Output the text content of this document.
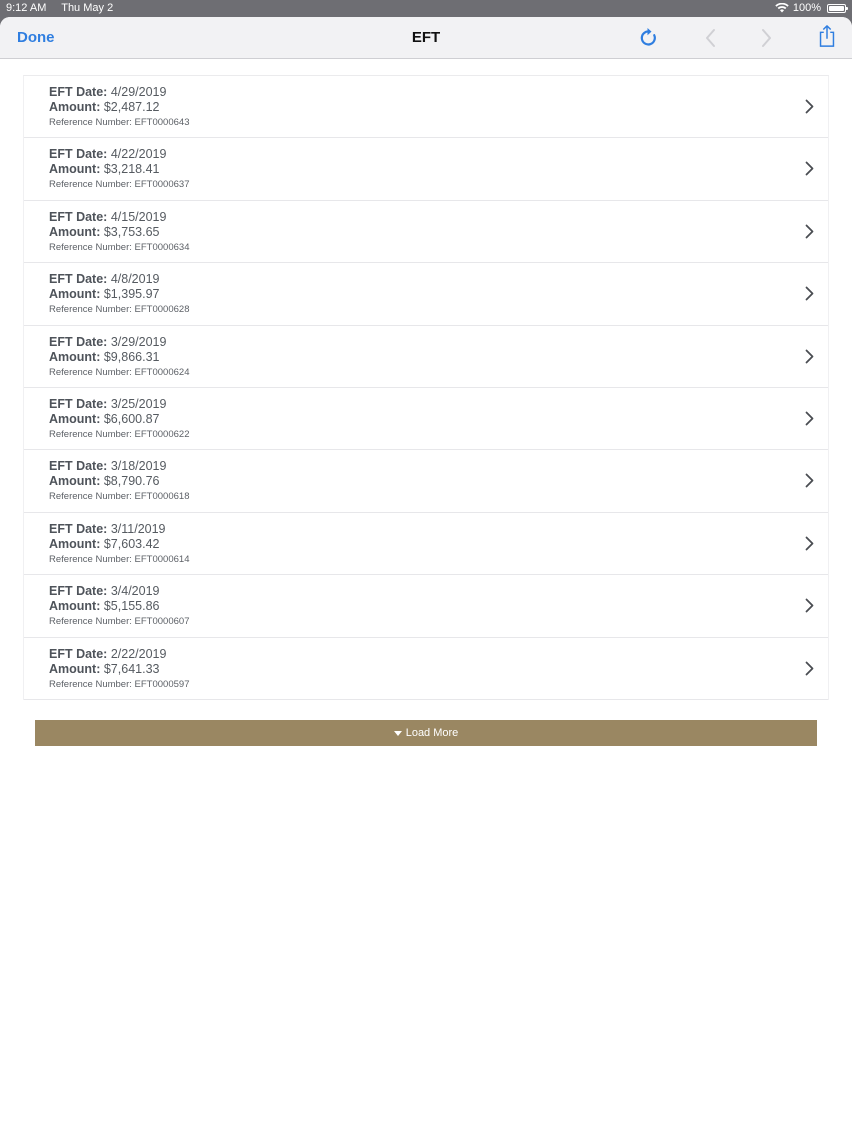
9:12 AM Thu May 2	100%
Done	EFT
EFT Date: 4/29/2019
Amount: $2,487.12
Reference Number: EFT0000643
EFT Date: 4/22/2019
Amount: $3,218.41
Reference Number: EFT0000637
EFT Date: 4/15/2019
Amount: $3,753.65
Reference Number: EFT0000634
EFT Date: 4/8/2019
Amount: $1,395.97
Reference Number: EFT0000628
EFT Date: 3/29/2019
Amount: $9,866.31
Reference Number: EFT0000624
EFT Date: 3/25/2019
Amount: $6,600.87
Reference Number: EFT0000622
EFT Date: 3/18/2019
Amount: $8,790.76
Reference Number: EFT0000618
EFT Date: 3/11/2019
Amount: $7,603.42
Reference Number: EFT0000614
EFT Date: 3/4/2019
Amount: $5,155.86
Reference Number: EFT0000607
EFT Date: 2/22/2019
Amount: $7,641.33
Reference Number: EFT0000597
Load More
